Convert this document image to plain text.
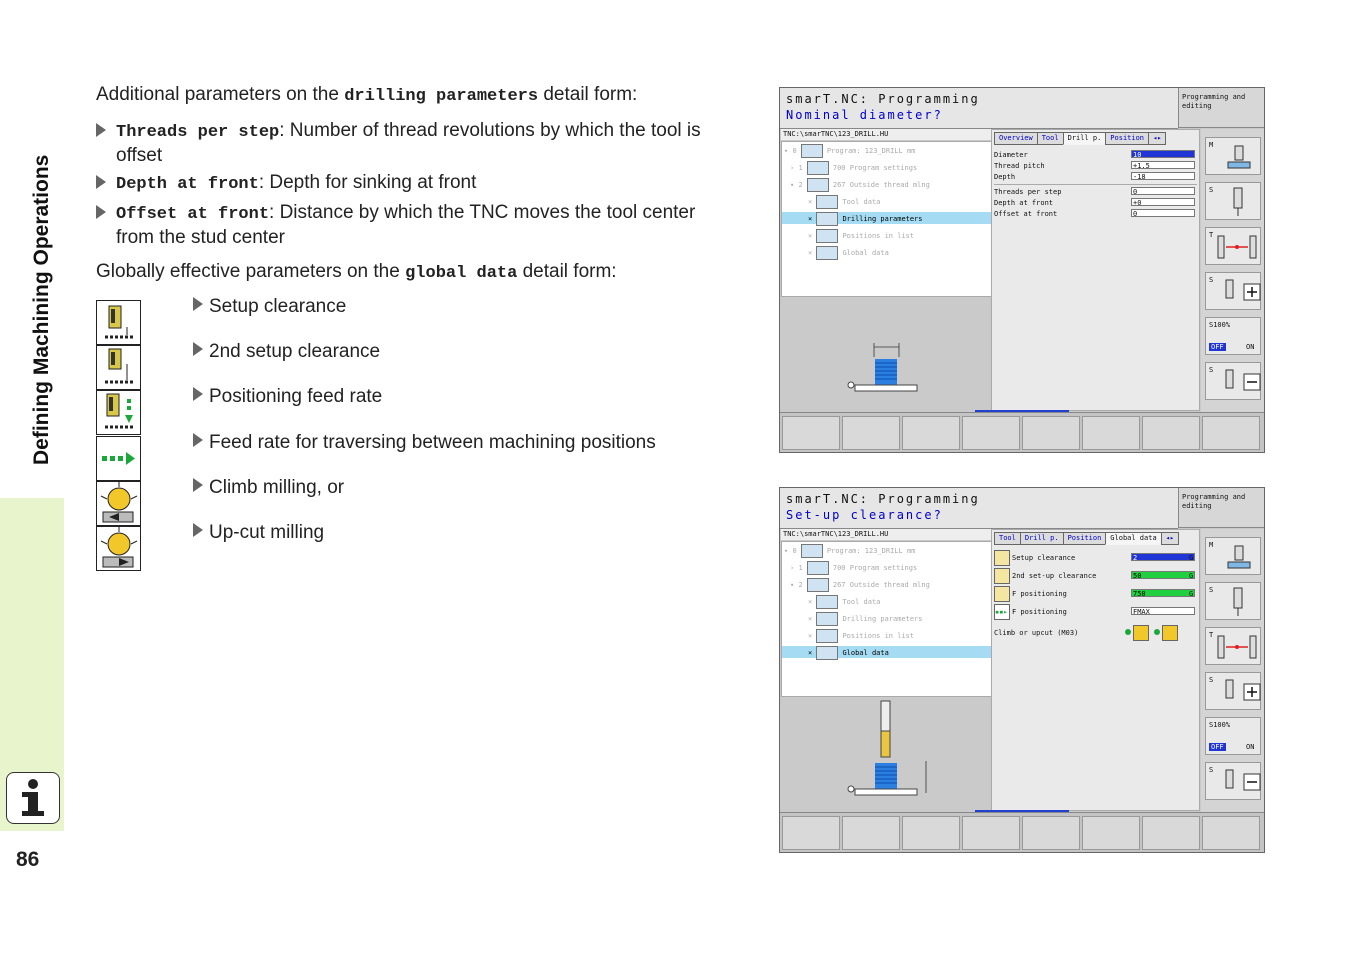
Defining Machining Operations
86
Additional parameters on the drilling parameters detail form:
Threads per step: Number of thread revolutions by which the tool is
offset
Depth at front: Depth for sinking at front
Offset at front: Distance by which the TNC moves the tool center
from the stud center
Globally effective parameters on the global data detail form:
Setup clearance
2nd setup clearance
Positioning feed rate
Feed rate for traversing between machining positions
Climb milling, or
Up-cut milling
smarT.NC: Programming
Nominal diameter?
Programming and editing
TNC:\smarTNC\123_DRILL.HU
▾ 0	Program: 123_DRILL mm
› 1	700 Program settings
▾ 2	267 Outside thread mlng
×	Tool data
×	Drilling parameters
×	Positions in list
×	Global data
Overview Tool Drill p. Position ◂▸
Diameter	10
Thread pitch	+1.5
Depth	-18
Threads per step	0
Depth at front	+0
Offset at front	0
M
S
T
S
S100%
OFF	ON
S
smarT.NC: Programming
Set-up clearance?
Programming and editing
TNC:\smarTNC\123_DRILL.HU
▾ 0	Program: 123_DRILL mm
› 1	700 Program settings
▾ 2	267 Outside thread mlng
×	Tool data
×	Drilling parameters
×	Positions in list
×	Global data
Tool Drill p. Position Global data ◂▸
Setup clearance	2	G
2nd set-up clearance	50	G
F positioning	750	G
▪▪▸ F positioning	FMAX
Climb or upcut (M03)
M
S
T
S
S100%
OFF	ON
S
